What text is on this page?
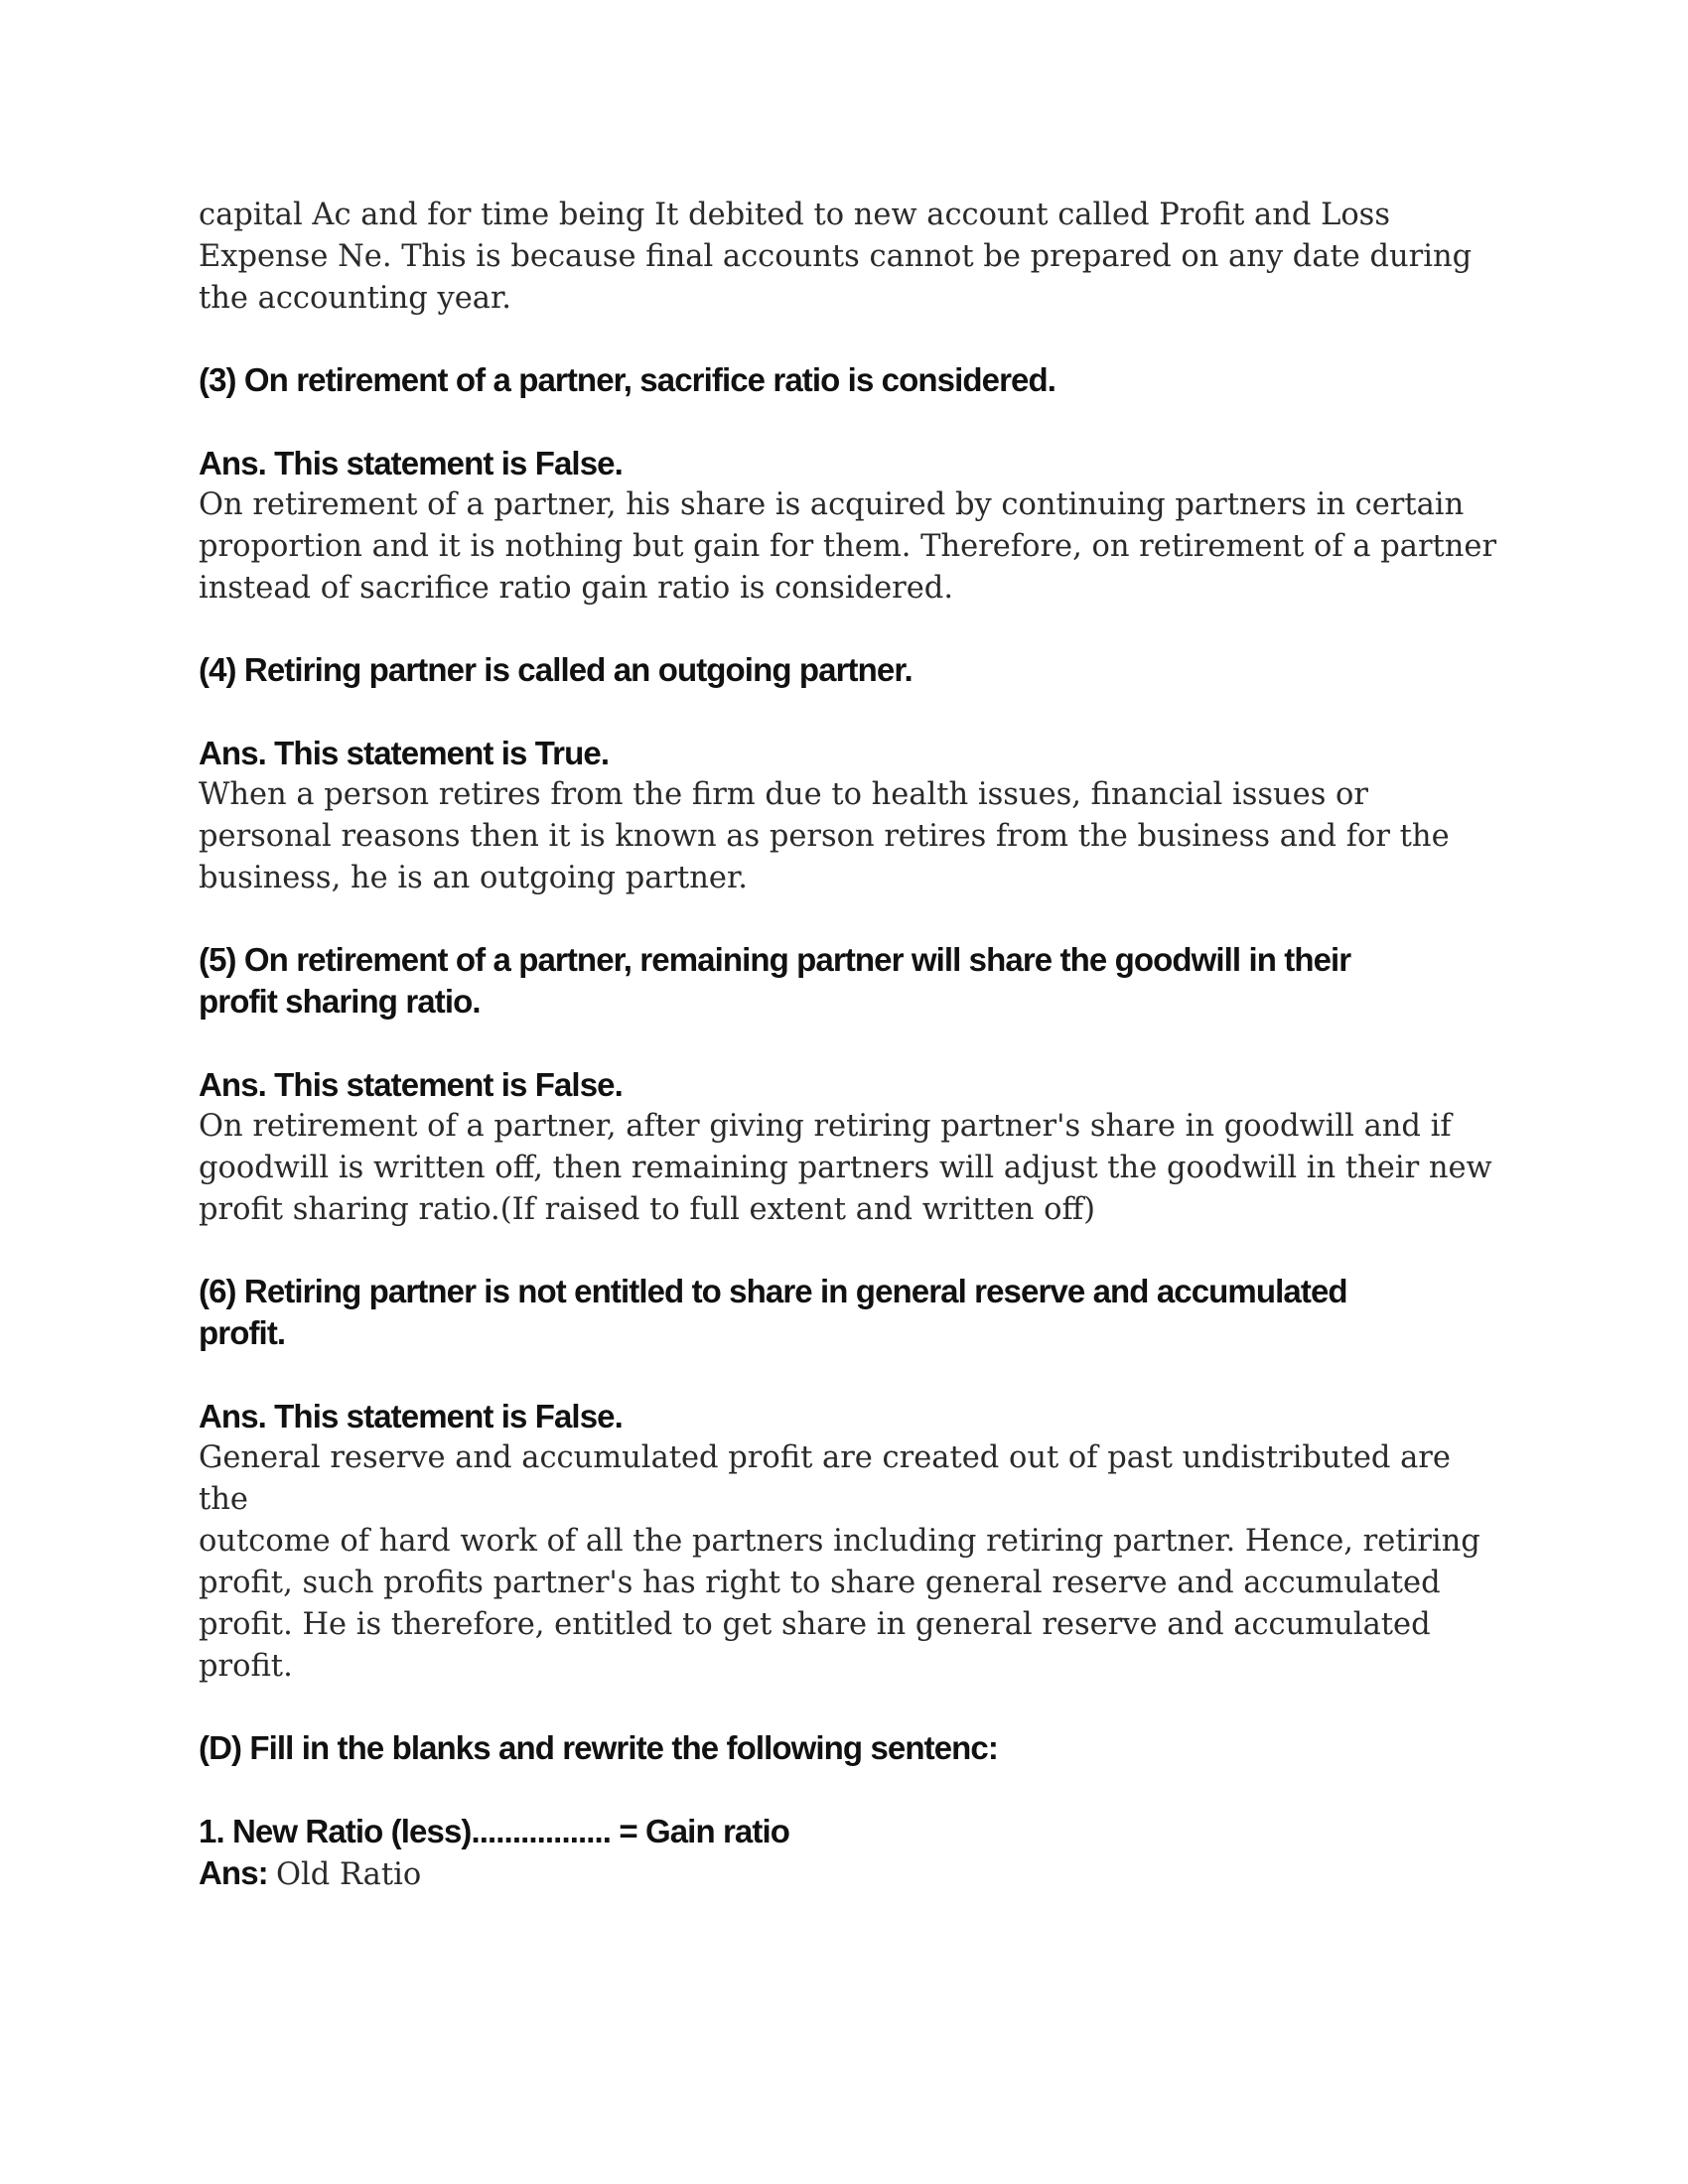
capital Ac and for time being It debited to new account called Profit and Loss
Expense Ne. This is because final accounts cannot be prepared on any date during
the accounting year.

(3) On retirement of a partner, sacrifice ratio is considered.

Ans. This statement is False.

On retirement of a partner, his share is acquired by continuing partners in certain
proportion and it is nothing but gain for them. Therefore, on retirement of a partner
instead of sacrifice ratio gain ratio is considered.

(4) Retiring partner is called an outgoing partner.

Ans. This statement is True.

When a person retires from the firm due to health issues, financial issues or
personal reasons then it is known as person retires from the business and for the
business, he is an outgoing partner.

(5) On retirement of a partner, remaining partner will share the goodwill in their
profit sharing ratio.

Ans. This statement is False.

On retirement of a partner, after giving retiring partner's share in goodwill and if
goodwill is written off, then remaining partners will adjust the goodwill in their new
profit sharing ratio.(If raised to full extent and written off)

(6) Retiring partner is not entitled to share in general reserve and accumulated
profit.

Ans. This statement is False.

General reserve and accumulated profit are created out of past undistributed are the
outcome of hard work of all the partners including retiring partner. Hence, retiring
profit, such profits partner's has right to share general reserve and accumulated
profit. He is therefore, entitled to get share in general reserve and accumulated
profit.

(D) Fill in the blanks and rewrite the following sentenc:

1. New Ratio (less)................. = Gain ratio

Ans: Old Ratio
